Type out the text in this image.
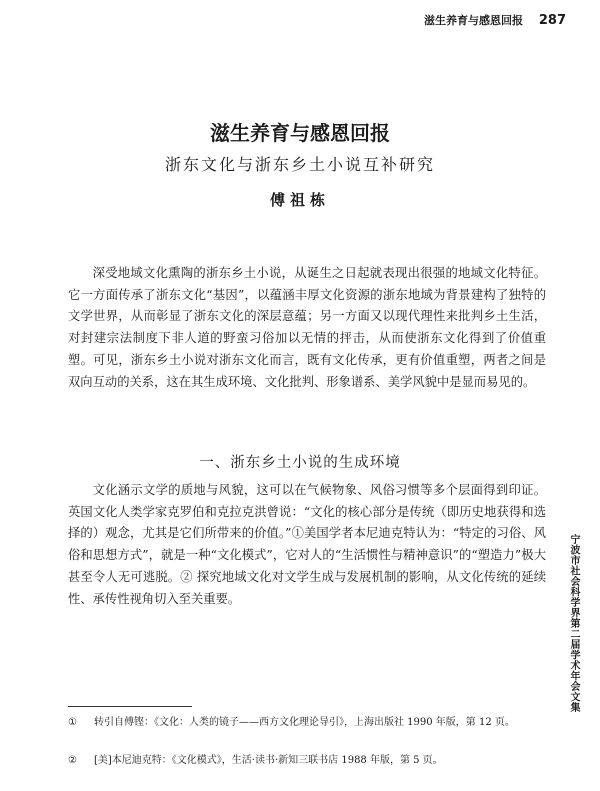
滋生养育与感恩回报 287
滋生养育与感恩回报
浙东文化与浙东乡土小说互补研究
傅祖栋

深受地域文化熏陶的浙东乡土小说，从诞生之日起就表现出很强的地域文化特征。它一方面传承了浙东文化“基因”，以蕴涵丰厚文化资源的浙东地域为背景建构了独特的文学世界，从而彰显了浙东文化的深层意蕴；另一方面又以现代理性来批判乡土生活，对封建宗法制度下非人道的野蛮习俗加以无情的抨击，从而使浙东文化得到了价值重塑。可见，浙东乡土小说对浙东文化而言，既有文化传承，更有价值重塑，两者之间是双向互动的关系，这在其生成环境、文化批判、形象谱系、美学风貌中是显而易见的。

一、浙东乡土小说的生成环境

文化涵示文学的质地与风貌，这可以在气候物象、风俗习惯等多个层面得到印证。英国文化人类学家克罗伯和克拉克洪曾说：“文化的核心部分是传统（即历史地获得和选择的）观念，尤其是它们所带来的价值。”①美国学者本尼迪克特认为：“特定的习俗、风俗和思想方式”，就是一种“文化模式”，它对人的“生活惯性与精神意识”的“塑造力”极大甚至令人无可逃脱。② 探究地域文化对文学生成与发展机制的影响，从文化传统的延续性、承传性视角切入至关重要。	宁波市社会科学界第二届学术年会文集

① 转引自傅铿：《文化：人类的镜子——西方文化理论导引》，上海出版社 1990 年版，第 12 页。

② [美]本尼迪克特：《文化模式》，生活·读书·新知三联书店 1988 年版，第 5 页。
